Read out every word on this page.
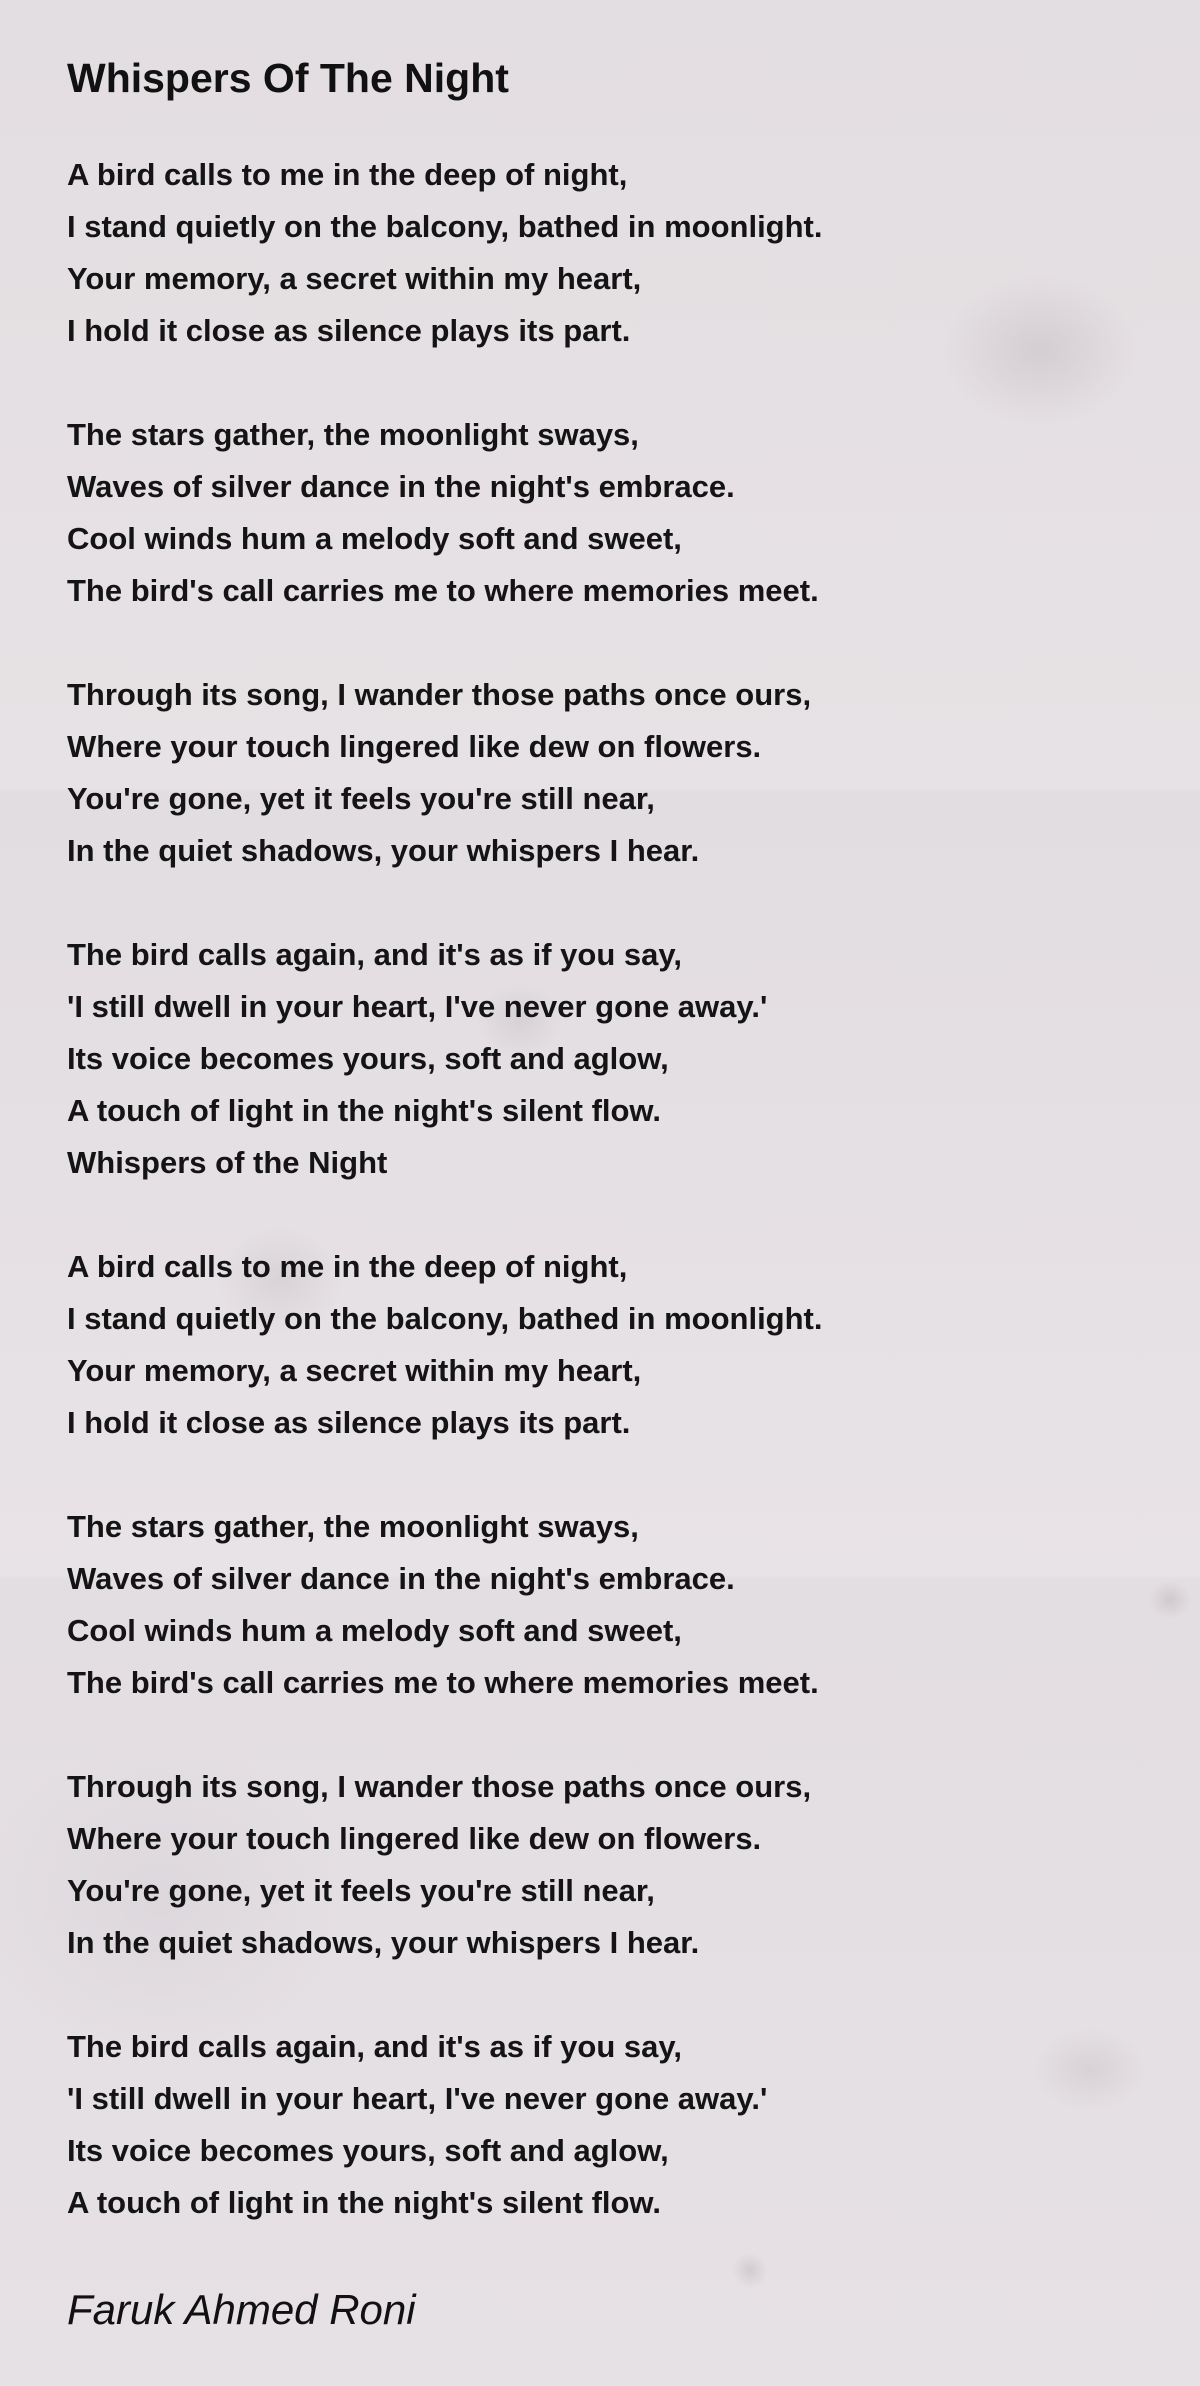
Whispers Of The Night
A bird calls to me in the deep of night,
I stand quietly on the balcony, bathed in moonlight.
Your memory, a secret within my heart,
I hold it close as silence plays its part.
The stars gather, the moonlight sways,
Waves of silver dance in the night's embrace.
Cool winds hum a melody soft and sweet,
The bird's call carries me to where memories meet.
Through its song, I wander those paths once ours,
Where your touch lingered like dew on flowers.
You're gone, yet it feels you're still near,
In the quiet shadows, your whispers I hear.
The bird calls again, and it's as if you say,
'I still dwell in your heart, I've never gone away.'
Its voice becomes yours, soft and aglow,
A touch of light in the night's silent flow.
Whispers of the Night
A bird calls to me in the deep of night,
I stand quietly on the balcony, bathed in moonlight.
Your memory, a secret within my heart,
I hold it close as silence plays its part.
The stars gather, the moonlight sways,
Waves of silver dance in the night's embrace.
Cool winds hum a melody soft and sweet,
The bird's call carries me to where memories meet.
Through its song, I wander those paths once ours,
Where your touch lingered like dew on flowers.
You're gone, yet it feels you're still near,
In the quiet shadows, your whispers I hear.
The bird calls again, and it's as if you say,
'I still dwell in your heart, I've never gone away.'
Its voice becomes yours, soft and aglow,
A touch of light in the night's silent flow.
Faruk Ahmed Roni
